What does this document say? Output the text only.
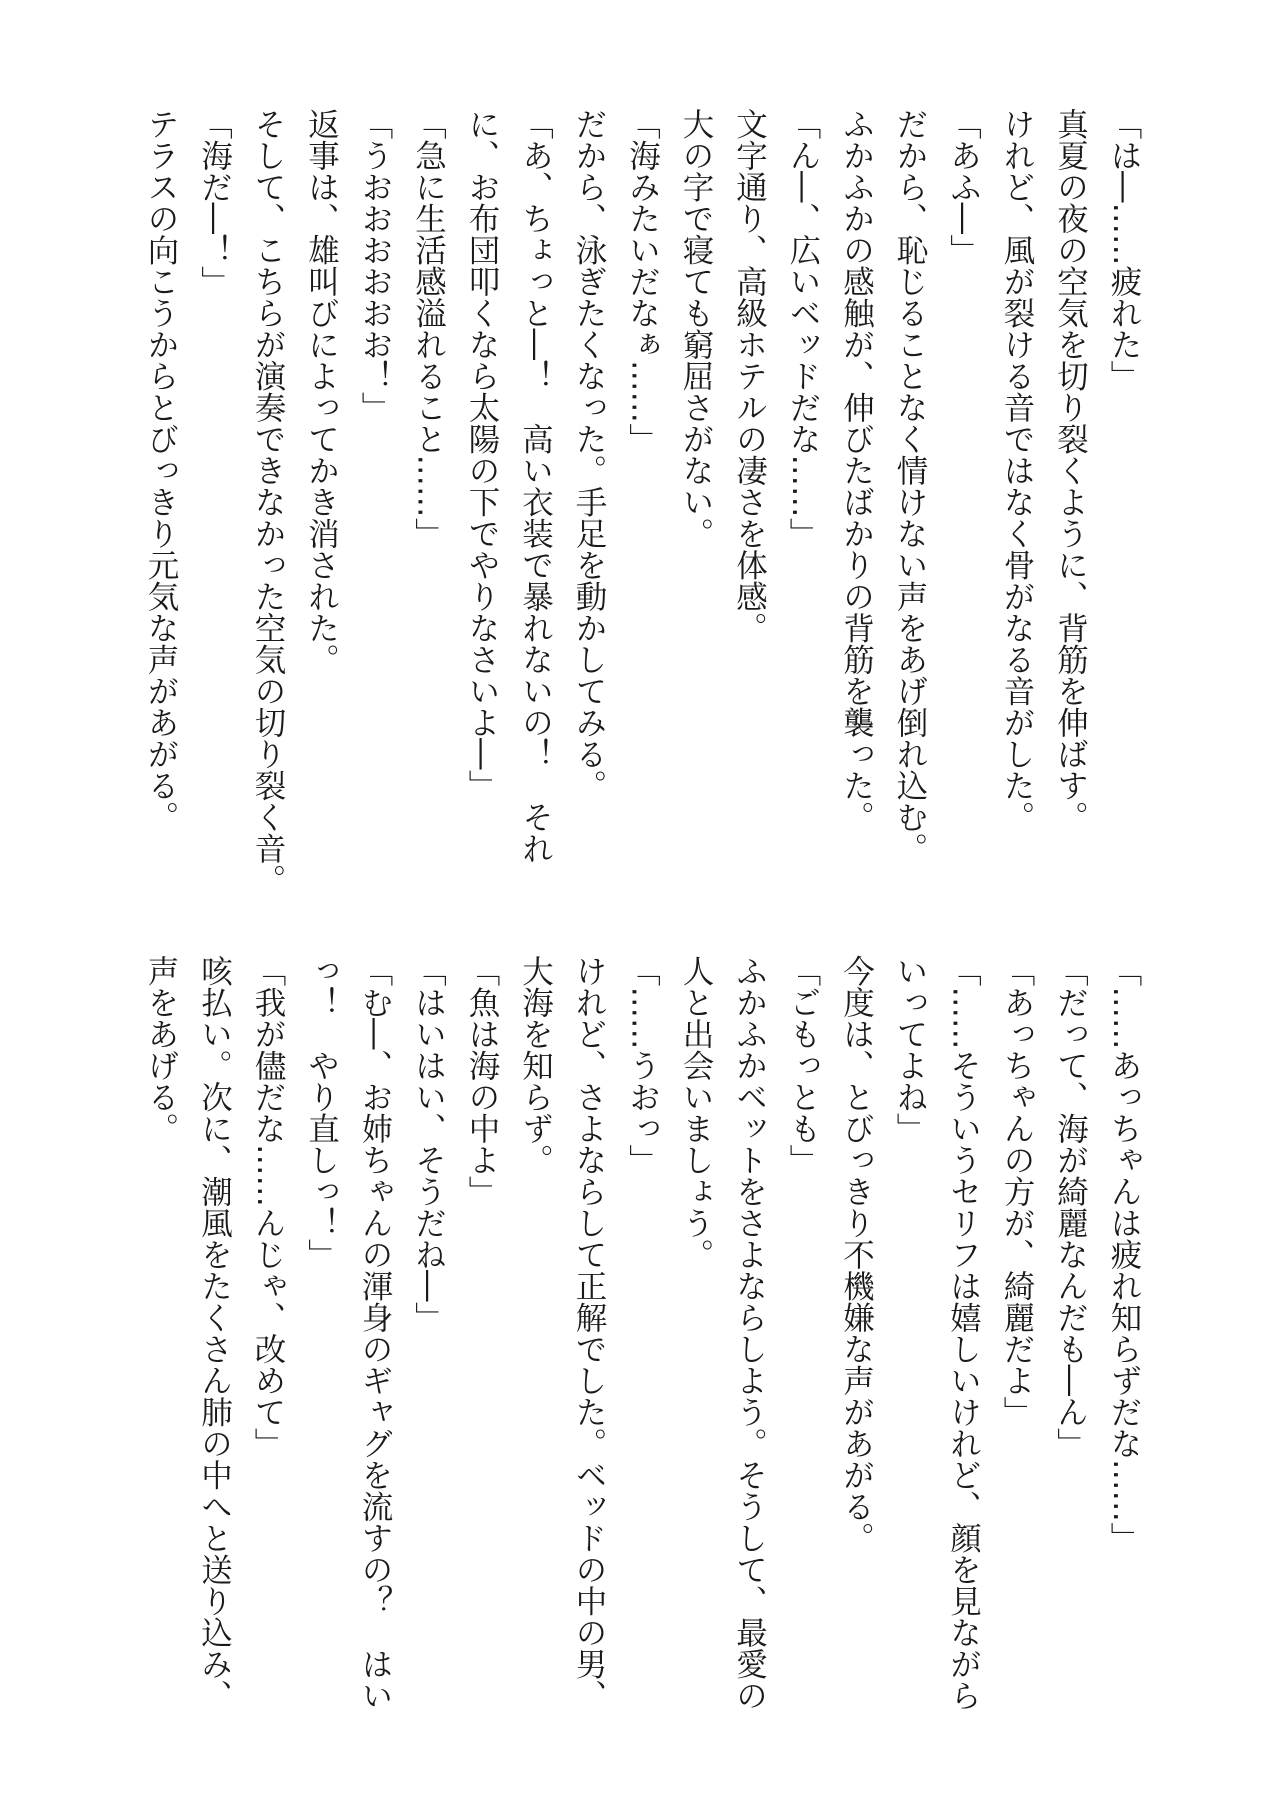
「は―……疲れた」
真夏の夜の空気を切り裂くように、背筋を伸ばす。
けれど、風が裂ける音ではなく骨がなる音がした。
「あふ―」
だから、恥じることなく情けない声をあげ倒れ込む。
ふかふかの感触が、伸びたばかりの背筋を襲った。
「ん―、広いベッドだな……」
文字通り、高級ホテルの凄さを体感。
大の字で寝ても窮屈さがない。
「海みたいだなぁ……」
だから、泳ぎたくなった。手足を動かしてみる。
「あ、ちょっと―！　高い衣装で暴れないの！　それ
に、お布団叩くなら太陽の下でやりなさいよ―」
「急に生活感溢れること……」
「うおおおおおお！」
返事は、雄叫びによってかき消された。
そして、こちらが演奏できなかった空気の切り裂く音。
「海だ―！」
テラスの向こうからとびっきり元気な声があがる。
「……あっちゃんは疲れ知らずだな……」
「だって、海が綺麗なんだも―ん」
「あっちゃんの方が、綺麗だよ」
「……そういうセリフは嬉しいけれど、顔を見ながら
いってよね」
今度は、とびっきり不機嫌な声があがる。
「ごもっとも」
ふかふかベットをさよならしよう。そうして、最愛の
人と出会いましょう。
「……うおっ」
けれど、さよならして正解でした。ベッドの中の男、
大海を知らず。
「魚は海の中よ」
「はいはい、そうだね―」
「む―、お姉ちゃんの渾身のギャグを流すの？　はい
っ！　やり直しっ！」
「我が儘だな……んじゃ、改めて」
咳払い。次に、潮風をたくさん肺の中へと送り込み、
声をあげる。
